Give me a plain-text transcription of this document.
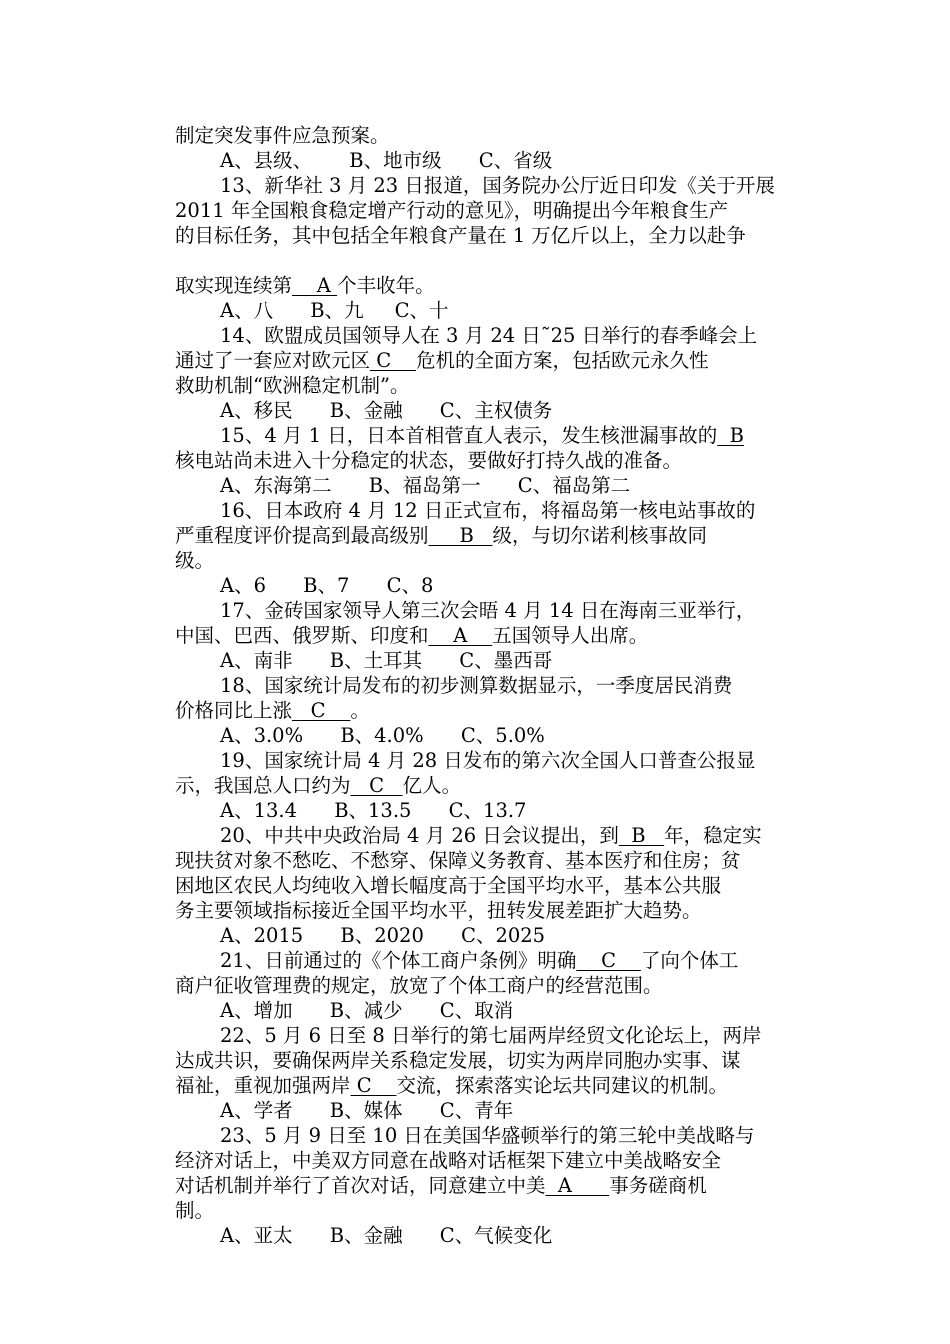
制定突发事件应急预案。
A、县级、      B、地市级      C、省级
13、新华社 3 月 23 日报道，国务院办公厅近日印发《关于开展
2011 年全国粮食稳定增产行动的意见》，明确提出今年粮食生产
的目标任务，其中包括全年粮食产量在 1 万亿斤以上，全力以赴争
取实现连续第    A 个丰收年。
A、八      B、九     C、十
14、欧盟成员国领导人在 3 月 24 日˜25 日举行的春季峰会上
通过了一套应对欧元区 C    危机的全面方案，包括欧元永久性
救助机制“欧洲稳定机制”。
A、移民      B、金融      C、主权债务
15、4 月 1 日，日本首相菅直人表示，发生核泄漏事故的  B
核电站尚未进入十分稳定的状态，要做好打持久战的准备。
A、东海第二      B、福岛第一      C、福岛第二
16、日本政府 4 月 12 日正式宣布，将福岛第一核电站事故的
严重程度评价提高到最高级别     B   级，与切尔诺利核事故同
级。
A、6      B、7      C、8
17、金砖国家领导人第三次会晤 4 月 14 日在海南三亚举行，
中国、巴西、俄罗斯、印度和    A    五国领导人出席。
A、南非      B、土耳其      C、墨西哥
18、国家统计局发布的初步测算数据显示，一季度居民消费
价格同比上涨   C    。
A、3.0%      B、4.0%      C、5.0%
19、国家统计局 4 月 28 日发布的第六次全国人口普查公报显
示，我国总人口约为   C   亿人。
A、13.4      B、13.5      C、13.7
20、中共中央政治局 4 月 26 日会议提出，到  B   年，稳定实
现扶贫对象不愁吃、不愁穿、保障义务教育、基本医疗和住房；贫
困地区农民人均纯收入增长幅度高于全国平均水平，基本公共服
务主要领域指标接近全国平均水平，扭转发展差距扩大趋势。
A、2015      B、2020      C、2025
21、日前通过的《个体工商户条例》明确    C    了向个体工
商户征收管理费的规定，放宽了个体工商户的经营范围。
A、增加      B、减少      C、取消
22、5 月 6 日至 8 日举行的第七届两岸经贸文化论坛上，两岸
达成共识，要确保两岸关系稳定发展，切实为两岸同胞办实事、谋
福祉，重视加强两岸 C    交流，探索落实论坛共同建议的机制。
A、学者      B、媒体      C、青年
23、5 月 9 日至 10 日在美国华盛顿举行的第三轮中美战略与
经济对话上，中美双方同意在战略对话框架下建立中美战略安全
对话机制并举行了首次对话，同意建立中美  A      事务磋商机
制。
A、亚太      B、金融      C、气候变化
